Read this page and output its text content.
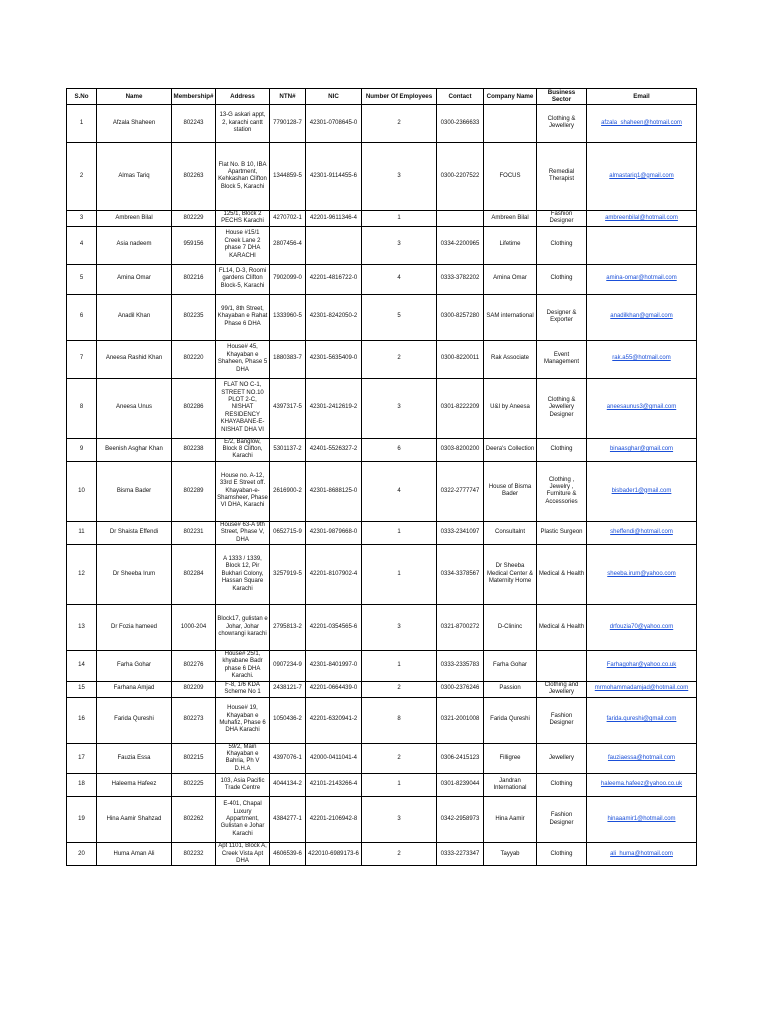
S.No	Name	Membership#	Address	NTN#	NIC	Number Of Employees	Contact	Company Name	Business Sector	Email
1	Afzala Shaheen	802243	13-G askari appt, 2, karachi cantt station	7790128-7	42301-0708645-0	2	0300-2366633		Clothing & Jewellery	afzala_shaheen@hotmail.com
2	Almas Tariq	802263	Flat No. B 10, IBA Apartment, Kehkashan Clifton Block 5, Karachi	1344859-5	42301-9114455-6	3	0300-2207522	FOCUS	Remedial Therapist	almastariq1@gmail.com
3	Ambreen Bilal	802229	125/1, Block 2 PECHS Karachi	4270702-1	42201-9611346-4	1		Ambreen Bilal	Fashion Designer	ambreenbilal@hotmail.com
4	Asia nadeem	959156	House #15/1 Creek Lane 2 phase 7 DHA KARACHI	2807456-4		3	0334-2200965	Lifetime	Clothing	
5	Amina Omar	802216	FL14, D-3, Roomi gardens Clifton Block-5, Karachi	7902099-0	42201-4816722-0	4	0333-3782202	Amina Omar	Clothing	amina-omar@hotmail.com
6	Anadil Khan	802235	99/1, 8th Street, Khayaban e Rahat Phase 6 DHA	1333960-5	42301-8242050-2	5	0300-8257280	SAM international	Designer & Exporter	anadilkhan@gmail.com
7	Aneesa Rashid Khan	802220	House# 45, Khayaban e Shaheen, Phase 5 DHA	1880383-7	42301-5635409-0	2	0300-8220011	Rak Associate	Event Management	rak.a55@hotmail.com
8	Aneesa Unus	802286	FLAT NO C-1, STREET NO.10 PLOT 2-C, NISHAT RESIDENCY KHAYABANE-E-NISHAT DHA VI	4397317-5	42301-2412619-2	3	0301-8222209	U&I by Aneesa	Clothing & Jewellery Designer	aneesaunus3@gmail.com
9	Beenish Asghar Khan	802238	E/2, Banglow, Block 8 Clifton, Karachi	5301137-2	42401-5526327-2	6	0303-8200200	Deera's Collection	Clothing	binaasghar@gmail.com
10	Bisma Bader	802289	House no. A-12, 33rd E Street off. Khayaban-e-Shamsheer, Phase VI DHA, Karachi	2616900-2	42301-8688125-0	4	0322-2777747	House of Bisma Bader	Clothing , Jewelry , Furniture & Accessories	bisbader1@gmail.com
11	Dr Shaista Effendi	802231	House# 63-A 9th Street, Phase V, DHA	0652715-9	42301-9879668-0	1	0333-2341097	Consultalnt	Plastic Surgeon	sheffendi@hotmail.com
12	Dr Sheeba Irum	802284	A 1333 / 1339, Block 12, Pir Bukhari Colony, Hassan Square Karachi	3257919-5	42201-8107902-4	1	0334-3378567	Dr Sheeba Medical Center & Maternity Home	Medical & Health	sheeba.irum@yahoo.com
13	Dr Fozia hameed	1000-204	Block17, gulistan e Johar, Johar chowrangi karachi	2795813-2	42201-0354565-6	3	0321-8700272	D-Clininc	Medical & Health	drfouzia70@yahoo.com
14	Farha Gohar	802276	House# 25/1, khyabane Badr phase 6 DHA Karachi.	0907234-9	42301-8401997-0	1	0333-2335783	Farha Gohar		Farhagohar@yahoo.co.uk
15	Farhana Amjad	802209	F-8, 1/6 KDA Scheme No 1	2438121-7	42201-0664439-0	2	0300-2376246	Passion	Clothing and Jewellery	mrmohammadamjad@hotmail.com
16	Farida Qureshi	802273	House# 19, Khayaban e Muhafiz, Phase 6 DHA Karachi	1050436-2	42201-6320941-2	8	0321-2001008	Farida Qureshi	Fashion Designer	farida.qureshi@gmail.com
17	Fauzia Essa	802215	59/2, Main Khayaban e Bahria, Ph V D.H.A	4397076-1	42000-0411041-4	2	0306-2415123	Filligree	Jewellery	fauziaessa@hotmail.com
18	Haleema Hafeez	802225	103, Asia Pacific Trade Centre	4044134-2	42101-2143266-4	1	0301-8239044	Jandran International	Clothing	haleema.hafeez@yahoo.co.uk
19	Hina Aamir Shahzad	802262	E-401, Chapal Luxury Appartment, Gulistan e Johar Karachi	4384277-1	42201-2106942-8	3	0342-2958973	Hina Aamir	Fashion Designer	hinaaamir1@hotmail.com
20	Huma Aman Ali	802232	Apt 1101, Block A, Creek Vista Apt DHA	4606539-6	422010-6989173-6	2	0333-2273347	Tayyab	Clothing	ali_huma@hotmail.com
